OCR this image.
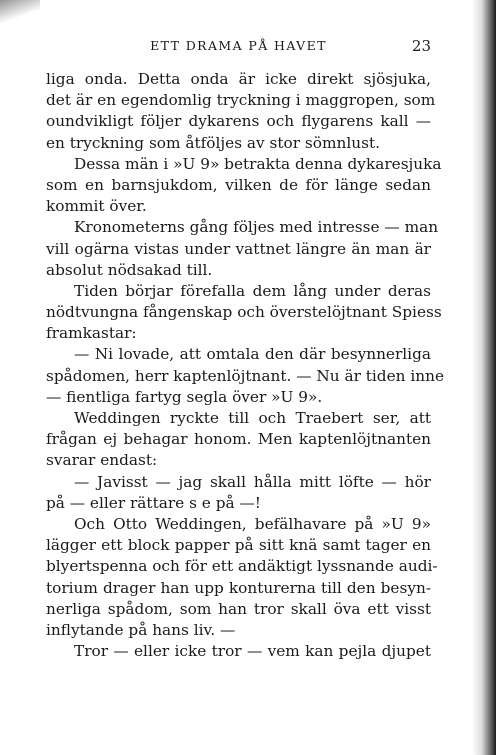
ETT DRAMA PÅ HAVET	23
liga onda. Detta onda är icke direkt sjösjuka,
det är en egendomlig tryckning i maggropen, som
oundvikligt följer dykarens och flygarens kall —
en tryckning som åtföljes av stor sömnlust.
Dessa män i »U 9» betrakta denna dykaresjuka
som en barnsjukdom, vilken de för länge sedan
kommit över.
Kronometerns gång följes med intresse — man
vill ogärna vistas under vattnet längre än man är
absolut nödsakad till.
Tiden börjar förefalla dem lång under deras
nödtvungna fångenskap och överstelöjtnant Spiess
framkastar:
— Ni lovade, att omtala den där besynnerliga
spådomen, herr kaptenlöjtnant. — Nu är tiden inne
— fientliga fartyg segla över »U 9».
Weddingen ryckte till och Traebert ser, att
frågan ej behagar honom. Men kaptenlöjtnanten
svarar endast:
— Javisst — jag skall hålla mitt löfte — hör
på — eller rättare s e på —!
Och Otto Weddingen, befälhavare på »U 9»
lägger ett block papper på sitt knä samt tager en
blyertspenna och för ett andäktigt lyssnande audi-
torium drager han upp konturerna till den besyn-
nerliga spådom, som han tror skall öva ett visst
inflytande på hans liv. —
Tror — eller icke tror — vem kan pejla djupet
